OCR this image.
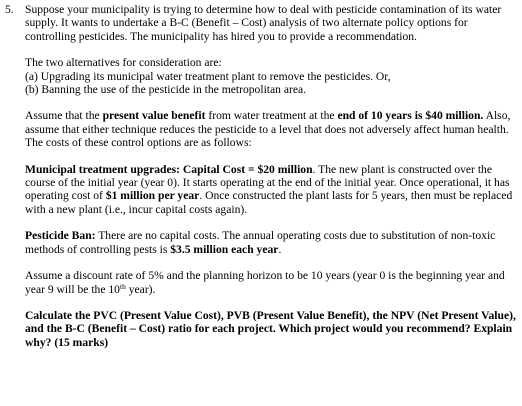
5. Suppose your municipality is trying to determine how to deal with pesticide contamination of its water supply. It wants to undertake a B-C (Benefit – Cost) analysis of two alternate policy options for controlling pesticides. The municipality has hired you to provide a recommendation.

The two alternatives for consideration are:

(a) Upgrading its municipal water treatment plant to remove the pesticides. Or,

(b) Banning the use of the pesticide in the metropolitan area.

Assume that the present value benefit from water treatment at the end of 10 years is $40 million. Also, assume that either technique reduces the pesticide to a level that does not adversely affect human health. The costs of these control options are as follows:

Municipal treatment upgrades: Capital Cost = $20 million. The new plant is constructed over the course of the initial year (year 0). It starts operating at the end of the initial year. Once operational, it has operating cost of $1 million per year. Once constructed the plant lasts for 5 years, then must be replaced with a new plant (i.e., incur capital costs again).

Pesticide Ban: There are no capital costs. The annual operating costs due to substitution of non-toxic methods of controlling pests is $3.5 million each year.

Assume a discount rate of 5% and the planning horizon to be 10 years (year 0 is the beginning year and year 9 will be the 10th year).

Calculate the PVC (Present Value Cost), PVB (Present Value Benefit), the NPV (Net Present Value), and the B-C (Benefit – Cost) ratio for each project. Which project would you recommend? Explain why? (15 marks)
